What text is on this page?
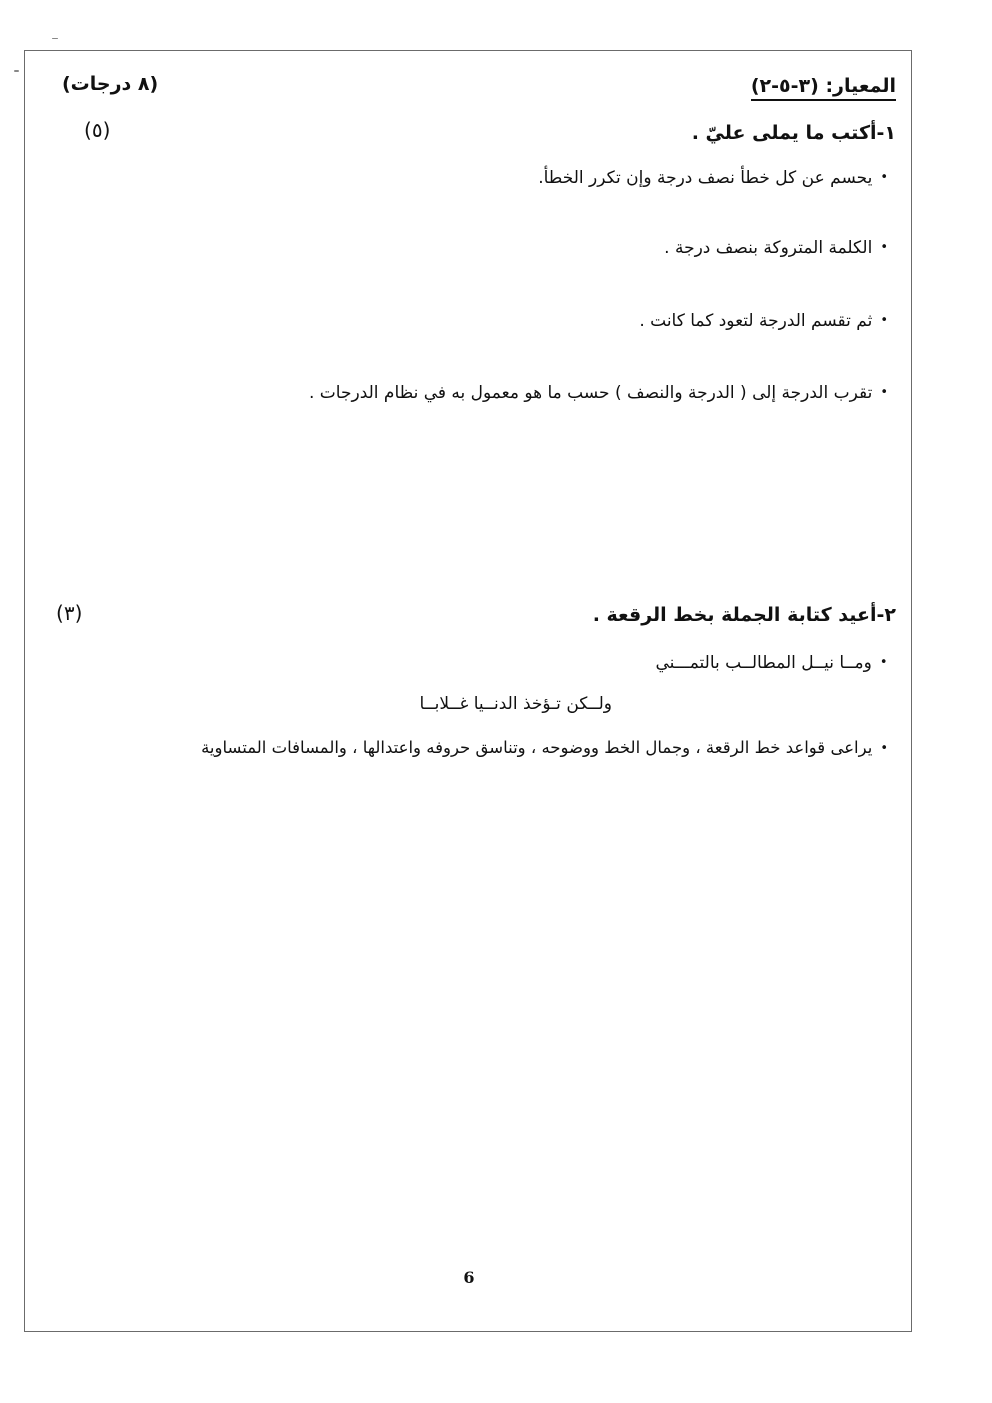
المعيار: (٣-٥-٢)
(٨ درجات)
١-أكتب ما يملى عليّ .
(٥)
•يحسم عن كل خطأ نصف درجة وإن تكرر الخطأ.
•الكلمة المتروكة بنصف درجة .
•ثم تقسم الدرجة لتعود كما كانت .
•تقرب الدرجة إلى ( الدرجة والنصف ) حسب ما هو معمول به في نظام الدرجات .
٢-أعيد كتابة الجملة بخط الرقعة .
(٣)
•ومــا نيــل المطالــب بالتمـــني
ولــكن تـؤخذ الدنــيا غــلابــا
•يراعى قواعد خط الرقعة ، وجمال الخط ووضوحه ، وتناسق حروفه واعتدالها ، والمسافات المتساوية
6
